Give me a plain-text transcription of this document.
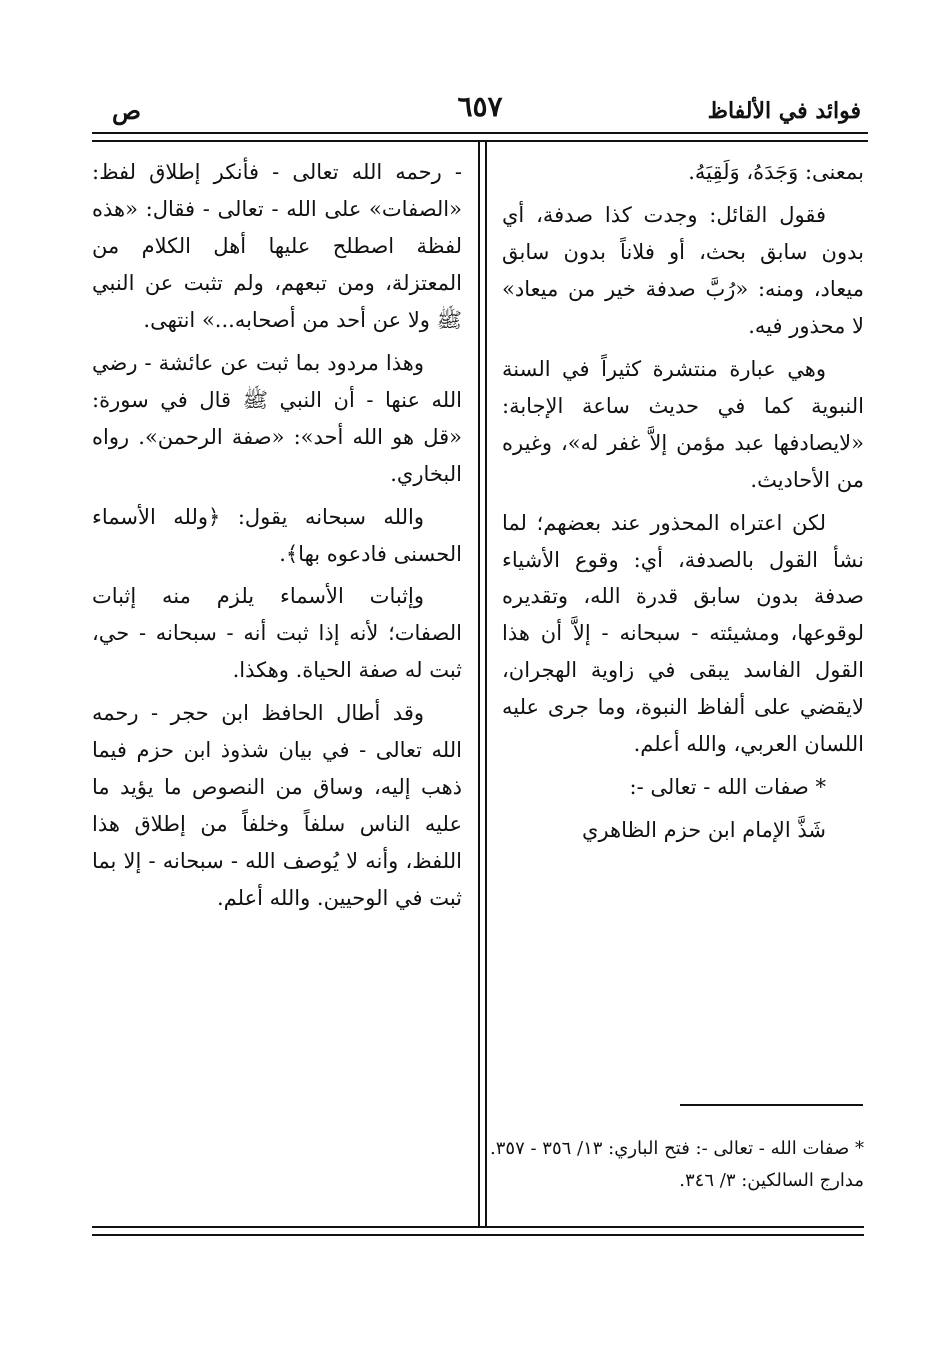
ص	٦٥٧	فوائد في الألفاظ

بمعنى: وَجَدَهُ، وَلَقِيَهُ.

فقول القائل: وجدت كذا صدفة، أي بدون سابق بحث، أو فلاناً بدون سابق ميعاد، ومنه: «رُبَّ صدفة خير من ميعاد» لا محذور فيه.

وهي عبارة منتشرة كثيراً في السنة النبوية كما في حديث ساعة الإجابة: «لايصادفها عبد مؤمن إلاَّ غفر له»، وغيره من الأحاديث.

لكن اعتراه المحذور عند بعضهم؛ لما نشأ القول بالصدفة، أي: وقوع الأشياء صدفة بدون سابق قدرة الله، وتقديره لوقوعها، ومشيئته - سبحانه - إلاَّ أن هذا القول الفاسد يبقى في زاوية الهجران، لايقضي على ألفاظ النبوة، وما جرى عليه اللسان العربي، والله أعلم.

* صفات الله - تعالى -:

شَذَّ الإمام ابن حزم الظاهري

- رحمه الله تعالى - فأنكر إطلاق لفظ: «الصفات» على الله - تعالى - فقال: «هذه لفظة اصطلح عليها أهل الكلام من المعتزلة، ومن تبعهم، ولم تثبت عن النبي ﷺ ولا عن أحد من أصحابه...» انتهى.

وهذا مردود بما ثبت عن عائشة - رضي الله عنها - أن النبي ﷺ قال في سورة: «قل هو الله أحد»: «صفة الرحمن». رواه البخاري.

والله سبحانه يقول: ﴿ولله الأسماء الحسنى فادعوه بها﴾.

وإثبات الأسماء يلزم منه إثبات الصفات؛ لأنه إذا ثبت أنه - سبحانه - حي، ثبت له صفة الحياة. وهكذا.

وقد أطال الحافظ ابن حجر - رحمه الله تعالى - في بيان شذوذ ابن حزم فيما ذهب إليه، وساق من النصوص ما يؤيد ما عليه الناس سلفاً وخلفاً من إطلاق هذا اللفظ، وأنه لا يُوصف الله - سبحانه - إلا بما ثبت في الوحيين. والله أعلم.

* صفات الله - تعالى -: فتح الباري: ١٣/ ٣٥٦ - ٣٥٧. مدارج السالكين: ٣/ ٣٤٦.
